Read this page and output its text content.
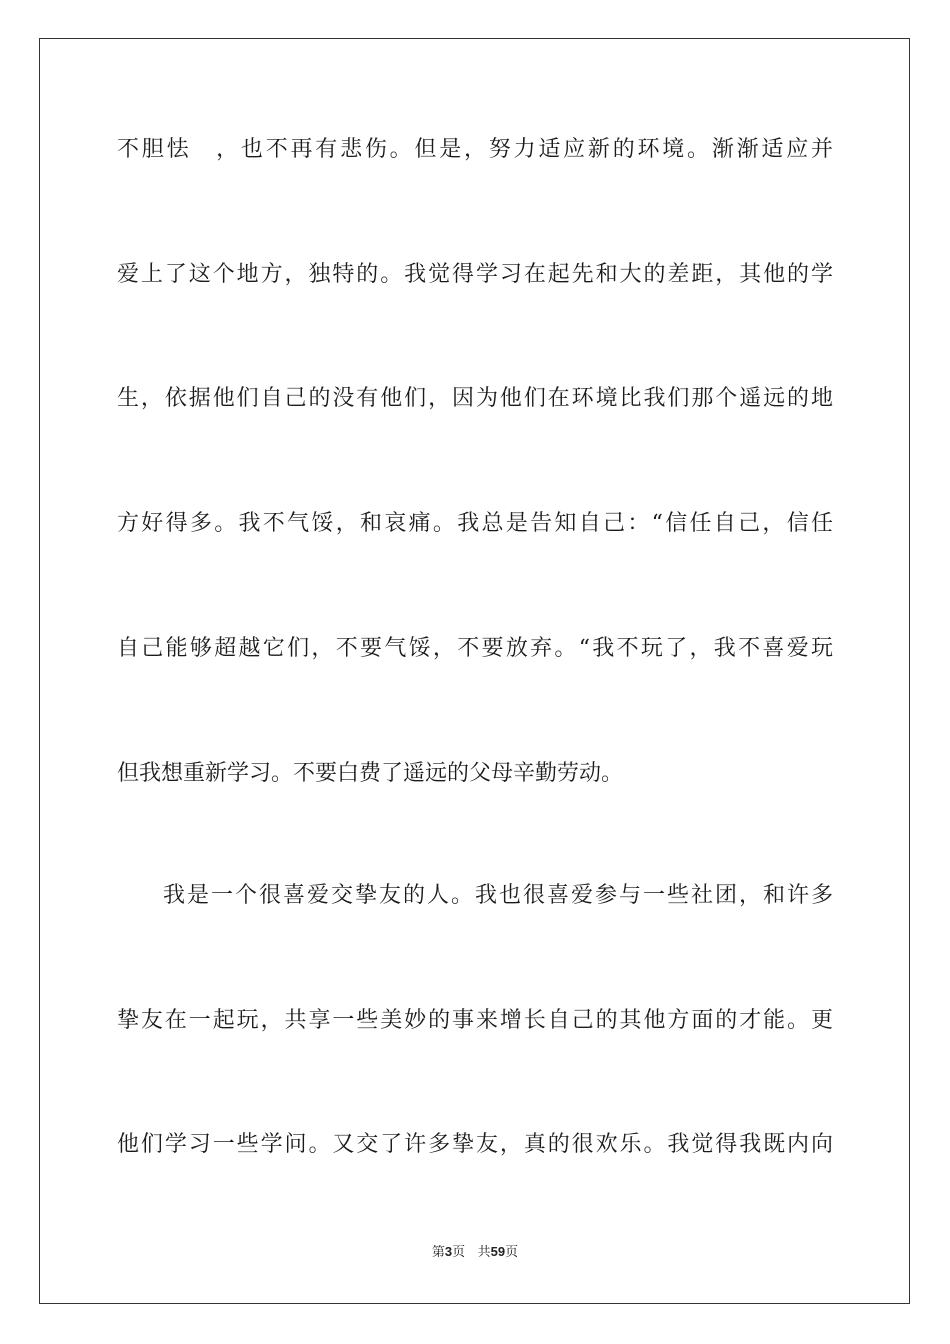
不胆怯　，也不再有悲伤。但是，努力适应新的环境。渐渐适应并
爱上了这个地方，独特的。我觉得学习在起先和大的差距，其他的学
生，依据他们自己的没有他们，因为他们在环境比我们那个遥远的地
方好得多。我不气馁，和哀痛。我总是告知自己：“信任自己，信任
自己能够超越它们，不要气馁，不要放弃。“我不玩了，我不喜爱玩
但我想重新学习。不要白费了遥远的父母辛勤劳动。
我是一个很喜爱交挚友的人。我也很喜爱参与一些社团，和许多
挚友在一起玩，共享一些美妙的事来增长自己的其他方面的才能。更
他们学习一些学问。又交了许多挚友，真的很欢乐。我觉得我既内向
第3页 共59页
